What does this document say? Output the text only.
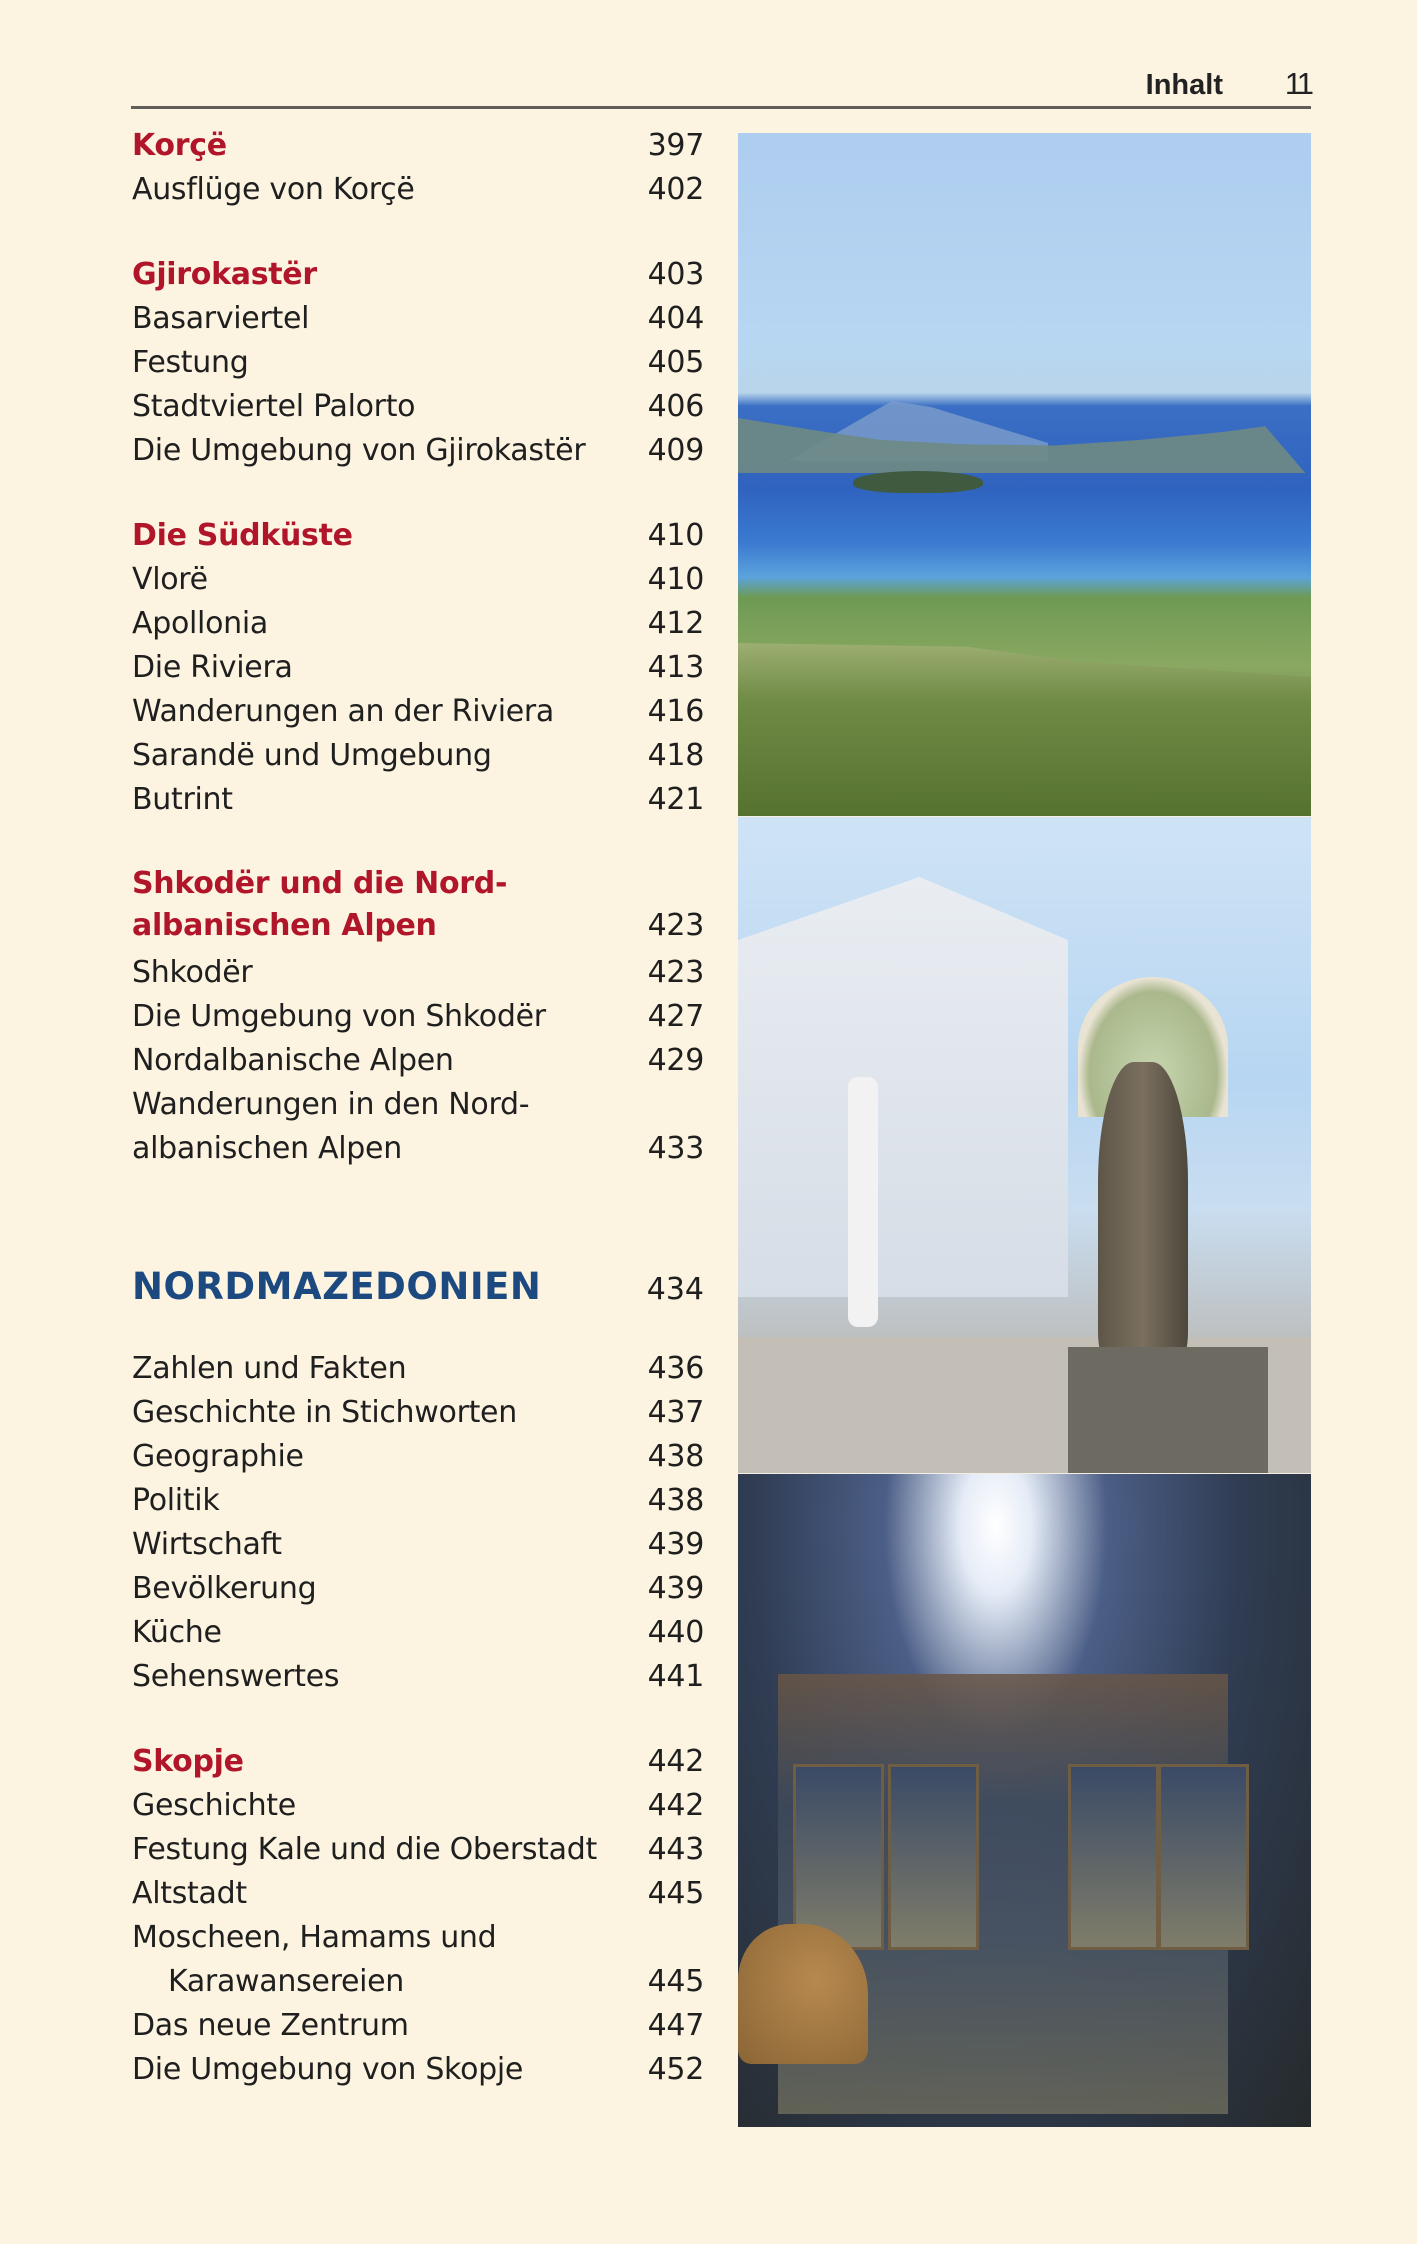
Inhalt 11
Korçë	397
Ausflüge von Korçë	402
Gjirokastër	403
Basarviertel	404
Festung	405
Stadtviertel Palorto	406
Die Umgebung von Gjirokastër 409
Die Südküste	410
Vlorë	410
Apollonia	412
Die Riviera	413
Wanderungen an der Riviera	416
Sarandë und Umgebung	418
Butrint	421
Shkodër und die Nord-
albanischen Alpen	423
Shkodër	423
Die Umgebung von Shkodër	427
Nordalbanische Alpen	429
Wanderungen in den Nord-
albanischen Alpen	433
NORDMAZEDONIEN	434
Zahlen und Fakten	436
Geschichte in Stichworten	437
Geographie	438
Politik	438
Wirtschaft	439
Bevölkerung	439
Küche	440
Sehenswertes	441
Skopje	442
Geschichte	442
Festung Kale und die Oberstadt 443
Altstadt	445
Moscheen, Hamams und
Karawansereien	445
Das neue Zentrum	447
Die Umgebung von Skopje	452
